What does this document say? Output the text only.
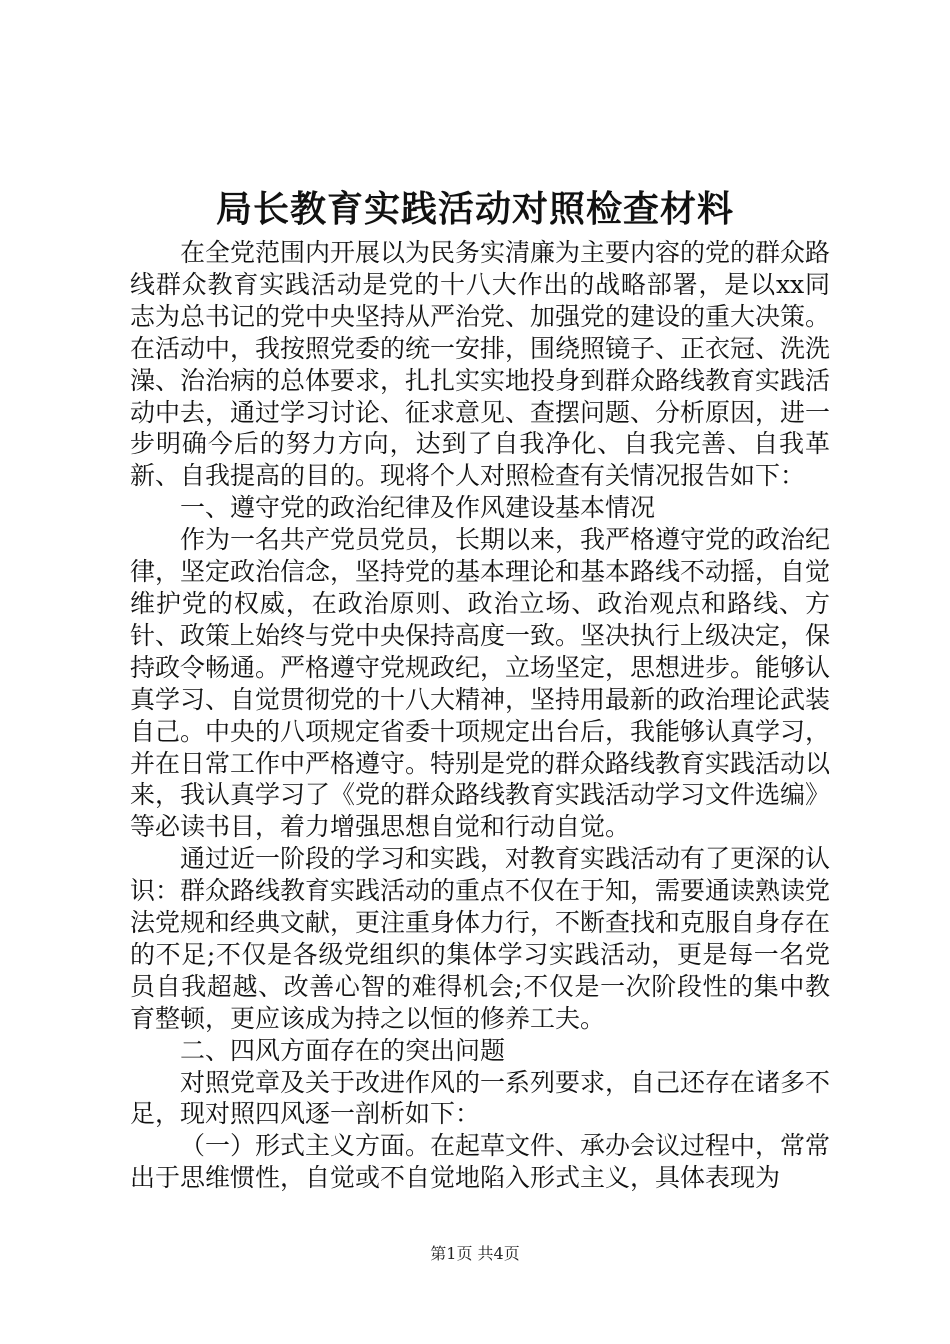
局长教育实践活动对照检查材料

在全党范围内开展以为民务实清廉为主要内容的党的群众路线群众教育实践活动是党的十八大作出的战略部署，是以xx同志为总书记的党中央坚持从严治党、加强党的建设的重大决策。在活动中，我按照党委的统一安排，围绕照镜子、正衣冠、洗洗澡、治治病的总体要求，扎扎实实地投身到群众路线教育实践活动中去，通过学习讨论、征求意见、查摆问题、分析原因，进一步明确今后的努力方向，达到了自我净化、自我完善、自我革新、自我提高的目的。现将个人对照检查有关情况报告如下：

一、遵守党的政治纪律及作风建设基本情况

作为一名共产党员党员，长期以来，我严格遵守党的政治纪律，坚定政治信念，坚持党的基本理论和基本路线不动摇，自觉维护党的权威，在政治原则、政治立场、政治观点和路线、方针、政策上始终与党中央保持高度一致。坚决执行上级决定，保持政令畅通。严格遵守党规政纪，立场坚定，思想进步。能够认真学习、自觉贯彻党的十八大精神，坚持用最新的政治理论武装自己。中央的八项规定省委十项规定出台后，我能够认真学习，并在日常工作中严格遵守。特别是党的群众路线教育实践活动以来，我认真学习了《党的群众路线教育实践活动学习文件选编》等必读书目，着力增强思想自觉和行动自觉。

通过近一阶段的学习和实践，对教育实践活动有了更深的认识：群众路线教育实践活动的重点不仅在于知，需要通读熟读党法党规和经典文献，更注重身体力行，不断查找和克服自身存在的不足;不仅是各级党组织的集体学习实践活动，更是每一名党员自我超越、改善心智的难得机会;不仅是一次阶段性的集中教育整顿，更应该成为持之以恒的修养工夫。

二、四风方面存在的突出问题

对照党章及关于改进作风的一系列要求，自己还存在诸多不足，现对照四风逐一剖析如下：

（一）形式主义方面。在起草文件、承办会议过程中，常常出于思维惯性，自觉或不自觉地陷入形式主义，具体表现为

第1页 共4页
